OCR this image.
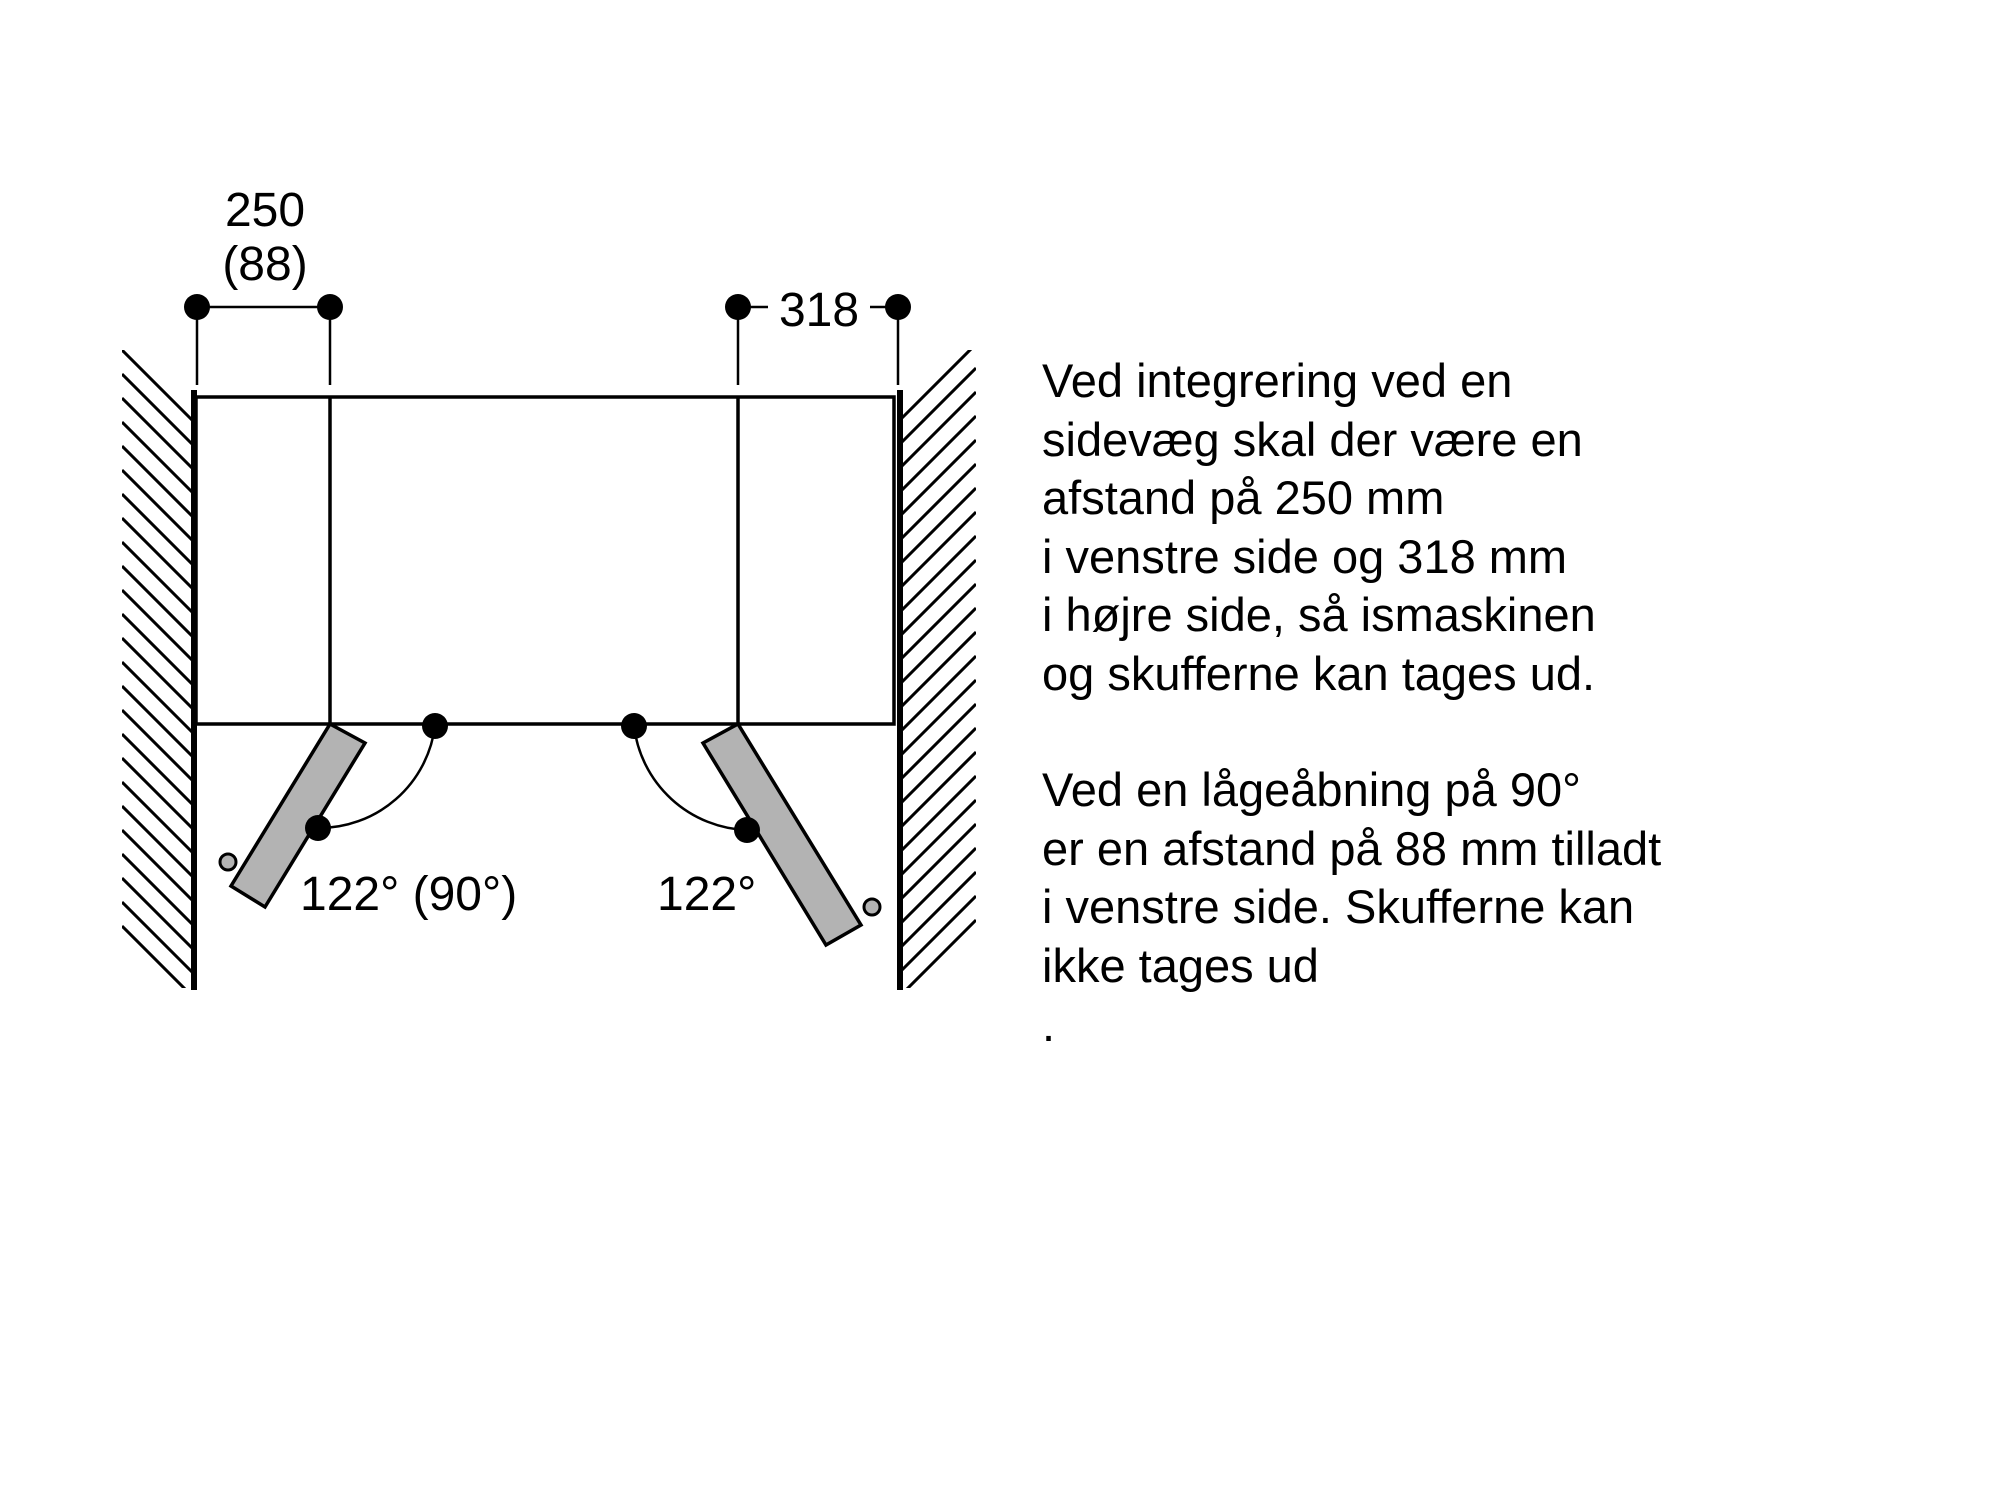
250
(88)
318
122° (90°)	122°

Ved integrering ved en

sidevæg skal der være en

afstand på 250 mm

i venstre side og 318 mm

i højre side, så ismaskinen

og skufferne kan tages ud.

Ved en lågeåbning på 90°

er en afstand på 88 mm tilladt

i venstre side. Skufferne kan

ikke tages ud

.
